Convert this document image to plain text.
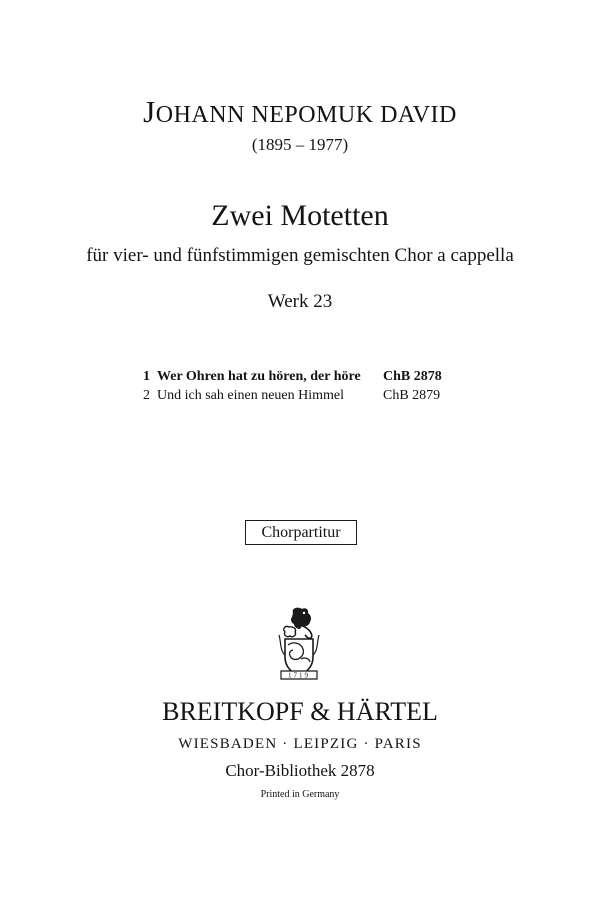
JOHANN NEPOMUK DAVID
(1895 – 1977)
Zwei Motetten
für vier- und fünfstimmigen gemischten Chor a cappella
Werk 23
1 Wer Ohren hat zu hören, der höre	ChB 2878
2 Und ich sah einen neuen Himmel	ChB 2879
Chorpartitur
1719
BREITKOPF & HÄRTEL
WIESBADEN · LEIPZIG · PARIS
Chor-Bibliothek 2878
Printed in Germany
